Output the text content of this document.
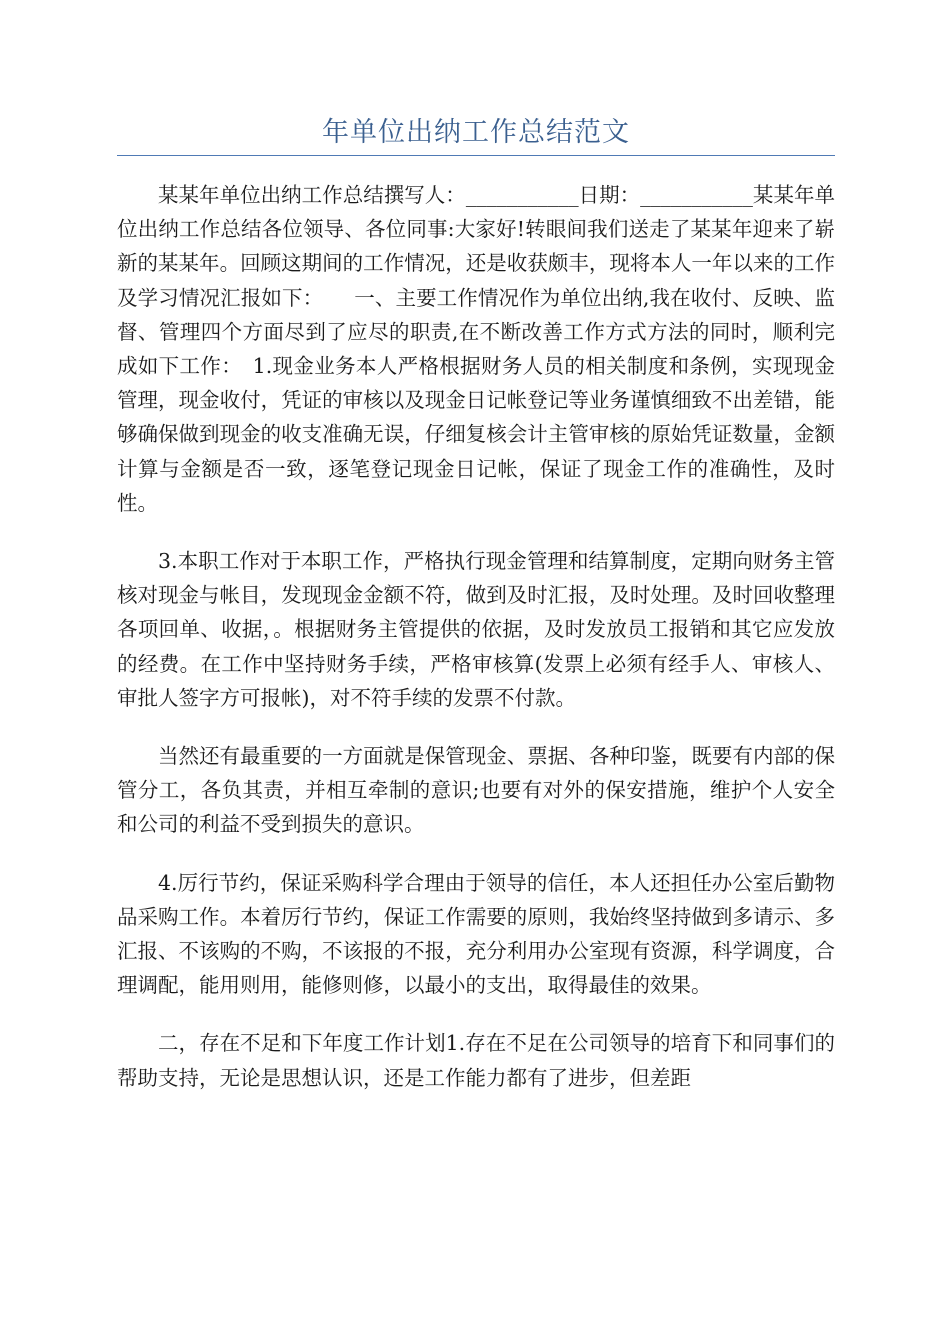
年单位出纳工作总结范文

某某年单位出纳工作总结撰写人：___________日期：___________某某年单位出纳工作总结各位领导、各位同事:大家好!转眼间我们送走了某某年迎来了崭新的某某年。回顾这期间的工作情况，还是收获颇丰，现将本人一年以来的工作及学习情况汇报如下：　　一、主要工作情况作为单位出纳,我在收付、反映、监督、管理四个方面尽到了应尽的职责,在不断改善工作方式方法的同时，顺利完成如下工作：　1.现金业务本人严格根据财务人员的相关制度和条例，实现现金管理，现金收付，凭证的审核以及现金日记帐登记等业务谨慎细致不出差错，能够确保做到现金的收支准确无误，仔细复核会计主管审核的原始凭证数量，金额计算与金额是否一致，逐笔登记现金日记帐，保证了现金工作的准确性，及时性。

3.本职工作对于本职工作，严格执行现金管理和结算制度，定期向财务主管核对现金与帐目，发现现金金额不符，做到及时汇报，及时处理。及时回收整理各项回单、收据，。根据财务主管提供的依据，及时发放员工报销和其它应发放的经费。在工作中坚持财务手续，严格审核算(发票上必须有经手人、审核人、审批人签字方可报帐)，对不符手续的发票不付款。

当然还有最重要的一方面就是保管现金、票据、各种印鉴，既要有内部的保管分工，各负其责，并相互牵制的意识;也要有对外的保安措施，维护个人安全和公司的利益不受到损失的意识。

4.厉行节约，保证采购科学合理由于领导的信任，本人还担任办公室后勤物品采购工作。本着厉行节约，保证工作需要的原则，我始终坚持做到多请示、多汇报、不该购的不购，不该报的不报，充分利用办公室现有资源，科学调度，合理调配，能用则用，能修则修，以最小的支出，取得最佳的效果。

二，存在不足和下年度工作计划1.存在不足在公司领导的培育下和同事们的帮助支持，无论是思想认识，还是工作能力都有了进步，但差距
